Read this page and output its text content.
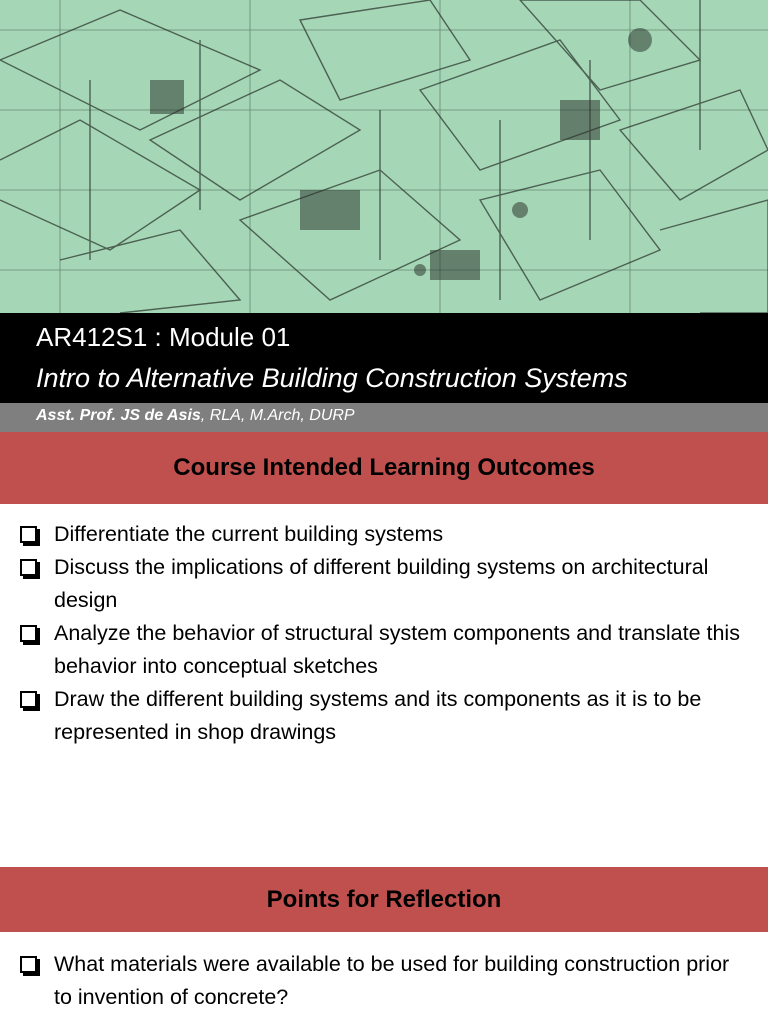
AR412S1 : Module 01
Intro to Alternative Building Construction Systems
Asst. Prof. JS de Asis, RLA, M.Arch, DURP
Course Intended Learning Outcomes
Differentiate the current building systems
Discuss the implications of different building systems on architectural design
Analyze the behavior of structural system components and translate this behavior into conceptual sketches
Draw the different building systems and its components as it is to be represented in shop drawings
Points for Reflection
What materials were available to be used for building construction prior to invention of concrete?
